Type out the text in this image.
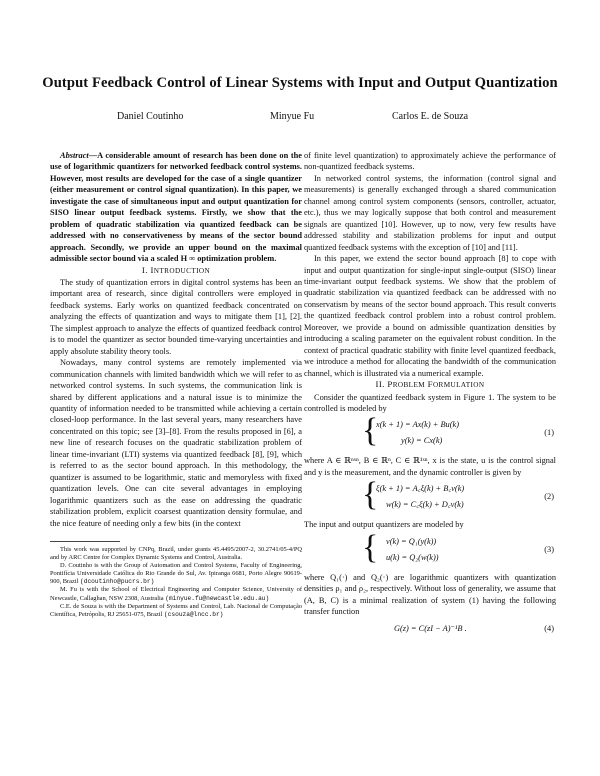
Output Feedback Control of Linear Systems with Input and Output Quantization
Daniel Coutinho	Minyue Fu	Carlos E. de Souza

Abstract—A considerable amount of research has been done on the use of logarithmic quantizers for networked feedback control systems. However, most results are developed for the case of a single quantizer (either measurement or control signal quantization). In this paper, we investigate the case of simultaneous input and output quantization for SISO linear output feedback systems. Firstly, we show that the problem of quadratic stabilization via quantized feedback can be addressed with no conservativeness by means of the sector bound approach. Secondly, we provide an upper bound on the maximal admissible sector bound via a scaled H ∞ optimization problem.

I. INTRODUCTION

The study of quantization errors in digital control systems has been an important area of research, since digital controllers were employed in feedback systems. Early works on quantized feedback concentrated on analyzing the effects of quantization and ways to mitigate them [1], [2]. The simplest approach to analyze the effects of quantized feedback control is to model the quantizer as sector bounded time-varying uncertainties and apply absolute stability theory tools.

Nowadays, many control systems are remotely implemented via communication channels with limited bandwidth which we will refer to as networked control systems. In such systems, the communication link is shared by different applications and a natural issue is to minimize the quantity of information needed to be transmitted while achieving a certain closed-loop performance. In the last several years, many researchers have concentrated on this topic; see [3]–[8]. From the results proposed in [6], a new line of research focuses on the quadratic stabilization problem of linear time-invariant (LTI) systems via quantized feedback [8], [9], which is referred to as the sector bound approach. In this methodology, the quantizer is assumed to be logarithmic, static and memoryless with fixed quantization levels. One can cite several advantages in employing logarithmic quantizers such as the ease on addressing the quadratic stabilization problem, explicit coarsest quantization density formulae, and the nice feature of needing only a few bits (in the context

This work was supported by CNPq, Brazil, under grants 45.4495/2007-2, 30.2741/05-4/PQ and by ARC Centre for Complex Dynamic Systems and Control, Australia.

D. Coutinho is with the Group of Automation and Control Systems, Faculty of Engineering, Pontifícia Universidade Católica do Rio Grande do Sul, Av. Ipiranga 6681, Porto Alegre 90619-900, Brazil (dcoutinho@pucrs.br)

M. Fu is with the School of Electrical Engineering and Computer Science, University of Newcastle, Callaghan, NSW 2308, Australia (minyue.fu@newcastle.edu.au)

C.E. de Souza is with the Department of Systems and Control, Lab. Nacional de Computação Científica, Petrópolis, RJ 25651-075, Brazil (csouza@lncc.br)

of finite level quantization) to approximately achieve the performance of non-quantized feedback systems.

In networked control systems, the information (control signal and measurements) is generally exchanged through a shared communication channel among control system components (sensors, controller, actuator, etc.), thus we may logically suppose that both control and measurement signals are quantized [10]. However, up to now, very few results have addressed stability and stabilization problems for input and output quantized feedback systems with the exception of [10] and [11].

In this paper, we extend the sector bound approach [8] to cope with input and output quantization for single-input single-output (SISO) linear time-invariant output feedback systems. We show that the problem of quadratic stabilization via quantized feedback can be addressed with no conservatism by means of the sector bound approach. This result converts the quantized feedback control problem into a robust control problem. Moreover, we provide a bound on admissible quantization densities by introducing a scaling parameter on the equivalent robust condition. In the context of practical quadratic stability with finite level quantized feedback, we introduce a method for allocating the bandwidth of the communication channel, which is illustrated via a numerical example.

II. PROBLEM FORMULATION

Consider the quantized feedback system in Figure 1. The system to be controlled is modeled by

{
x(k + 1) = Ax(k) + Bu(k)
y(k) = Cx(k)
(1)

where A ∈ ℝⁿˣⁿ, B ∈ ℝⁿ, C ∈ ℝ¹ˣⁿ, x is the state, u is the control signal and y is the measurement, and the dynamic controller is given by

{
ξ(k + 1) = A꜀ξ(k) + B꜀v(k)
w(k) = C꜀ξ(k) + D꜀v(k)
(2)

The input and output quantizers are modeled by

{ v(k) = Q₁(y(k))
u(k) = Q₂(w(k))
(3)

where Q₁(·) and Q₂(·) are logarithmic quantizers with quantization densities ρ₁ and ρ₂, respectively. Without loss of generality, we assume that (A, B, C) is a minimal realization of system (1) having the following transfer function

G(z) = C(zI − A)⁻¹B .	(4)
